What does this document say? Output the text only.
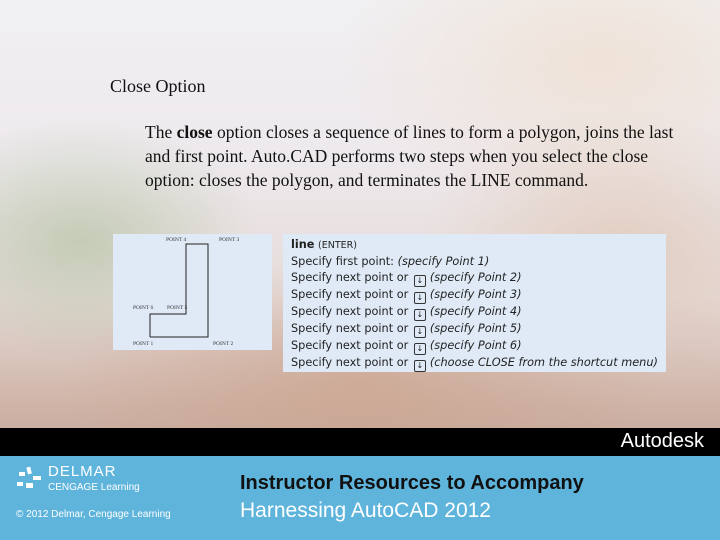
Close Option
The close option closes a sequence of lines to form a polygon, joins the last and first point. Auto.CAD performs two steps when you select the close option: closes the polygon, and terminates the LINE command.
POINT 1	POINT 2
POINT 3
POINT 4
POINT 5
POINT 6
line (ENTER)
Specify first point: (specify Point 1)
Specify next point or ↓ (specify Point 2)
Specify next point or ↓ (specify Point 3)
Specify next point or ↓ (specify Point 4)
Specify next point or ↓ (specify Point 5)
Specify next point or ↓ (specify Point 6)
Specify next point or ↓ (choose CLOSE from the shortcut menu)
Autodesk
DELMAR
CENGAGE Learning
© 2012 Delmar, Cengage Learning
Instructor Resources to Accompany
Harnessing AutoCAD 2012
